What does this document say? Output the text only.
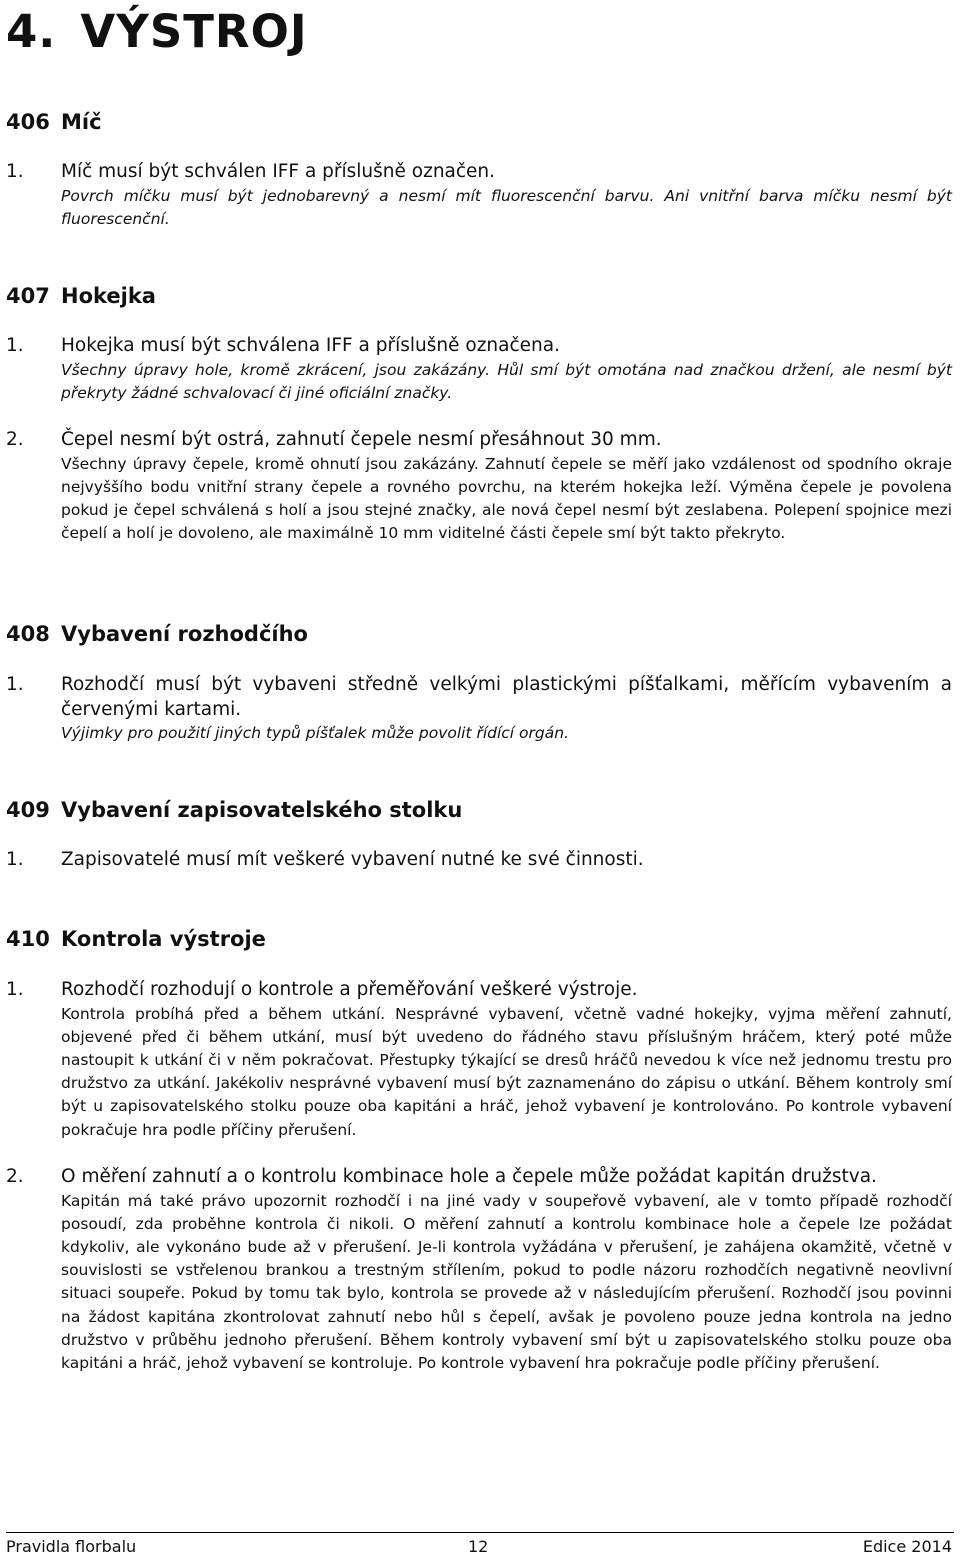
4. VÝSTROJ
406 Míč
1. Míč musí být schválen IFF a příslušně označen.
Povrch míčku musí být jednobarevný a nesmí mít fluorescenční barvu. Ani vnitřní barva míčku nesmí být fluorescenční.
407 Hokejka
1. Hokejka musí být schválena IFF a příslušně označena.
Všechny úpravy hole, kromě zkrácení, jsou zakázány. Hůl smí být omotána nad značkou držení, ale nesmí být překryty žádné schvalovací či jiné oficiální značky.
2. Čepel nesmí být ostrá, zahnutí čepele nesmí přesáhnout 30 mm.
Všechny úpravy čepele, kromě ohnutí jsou zakázány. Zahnutí čepele se měří jako vzdálenost od spodního okraje nejvyššího bodu vnitřní strany čepele a rovného povrchu, na kterém hokejka leží. Výměna čepele je povolena pokud je čepel schválená s holí a jsou stejné značky, ale nová čepel nesmí být zeslabena. Polepení spojnice mezi čepelí a holí je dovoleno, ale maximálně 10 mm viditelné části čepele smí být takto překryto.
408 Vybavení rozhodčího
1. Rozhodčí musí být vybaveni středně velkými plastickými píšťalkami, měřícím vybavením a červenými kartami.
Výjimky pro použití jiných typů píšťalek může povolit řídící orgán.
409 Vybavení zapisovatelského stolku
1. Zapisovatelé musí mít veškeré vybavení nutné ke své činnosti.
410 Kontrola výstroje
1. Rozhodčí rozhodují o kontrole a přeměřování veškeré výstroje.
Kontrola probíhá před a během utkání. Nesprávné vybavení, včetně vadné hokejky, vyjma měření zahnutí, objevené před či během utkání, musí být uvedeno do řádného stavu příslušným hráčem, který poté může nastoupit k utkání či v něm pokračovat. Přestupky týkající se dresů hráčů nevedou k více než jednomu trestu pro družstvo za utkání. Jakékoliv nesprávné vybavení musí být zaznamenáno do zápisu o utkání. Během kontroly smí být u zapisovatelského stolku pouze oba kapitáni a hráč, jehož vybavení je kontrolováno. Po kontrole vybavení pokračuje hra podle příčiny přerušení.
2. O měření zahnutí a o kontrolu kombinace hole a čepele může požádat kapitán družstva.
Kapitán má také právo upozornit rozhodčí i na jiné vady v soupeřově vybavení, ale v tomto případě rozhodčí posoudí, zda proběhne kontrola či nikoli. O měření zahnutí a kontrolu kombinace hole a čepele lze požádat kdykoliv, ale vykonáno bude až v přerušení. Je-li kontrola vyžádána v přerušení, je zahájena okamžitě, včetně v souvislosti se vstřelenou brankou a trestným střílením, pokud to podle názoru rozhodčích negativně neovlivní situaci soupeře. Pokud by tomu tak bylo, kontrola se provede až v následujícím přerušení. Rozhodčí jsou povinni na žádost kapitána zkontrolovat zahnutí nebo hůl s čepelí, avšak je povoleno pouze jedna kontrola na jedno družstvo v průběhu jednoho přerušení. Během kontroly vybavení smí být u zapisovatelského stolku pouze oba kapitáni a hráč, jehož vybavení se kontroluje. Po kontrole vybavení hra pokračuje podle příčiny přerušení.
Pravidla florbalu	12	Edice 2014
